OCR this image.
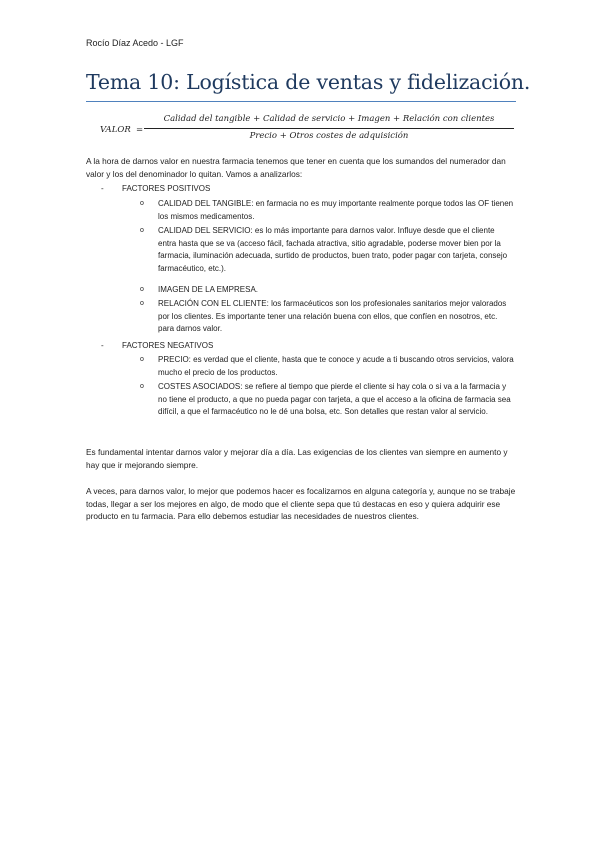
Rocío Díaz Acedo - LGF
Tema 10: Logística de ventas y fidelización.
VALOR =
Calidad del tangible + Calidad de servicio + Imagen + Relación con clientes
Precio + Otros costes de adquisición

A la hora de darnos valor en nuestra farmacia tenemos que tener en cuenta que los sumandos del numerador dan valor y los del denominador lo quitan. Vamos a analizarlos:

- FACTORES POSITIVOS
o CALIDAD DEL TANGIBLE: en farmacia no es muy importante realmente porque todos las OF tienen los mismos medicamentos.
o CALIDAD DEL SERVICIO: es lo más importante para darnos valor. Influye desde que el cliente entra hasta que se va (acceso fácil, fachada atractiva, sitio agradable, poderse mover bien por la farmacia, iluminación adecuada, surtido de productos, buen trato, poder pagar con tarjeta, consejo farmacéutico, etc.).
o IMAGEN DE LA EMPRESA.
o RELACIÓN CON EL CLIENTE: los farmacéuticos son los profesionales sanitarios mejor valorados por los clientes. Es importante tener una relación buena con ellos, que confíen en nosotros, etc. para darnos valor.
- FACTORES NEGATIVOS
o PRECIO: es verdad que el cliente, hasta que te conoce y acude a ti buscando otros servicios, valora mucho el precio de los productos.
o COSTES ASOCIADOS: se refiere al tiempo que pierde el cliente si hay cola o si va a la farmacia y no tiene el producto, a que no pueda pagar con tarjeta, a que el acceso a la oficina de farmacia sea difícil, a que el farmacéutico no le dé una bolsa, etc. Son detalles que restan valor al servicio.

Es fundamental intentar darnos valor y mejorar día a día. Las exigencias de los clientes van siempre en aumento y hay que ir mejorando siempre.

A veces, para darnos valor, lo mejor que podemos hacer es focalizarnos en alguna categoría y, aunque no se trabaje todas, llegar a ser los mejores en algo, de modo que el cliente sepa que tú destacas en eso y quiera adquirir ese producto en tu farmacia. Para ello debemos estudiar las necesidades de nuestros clientes.
